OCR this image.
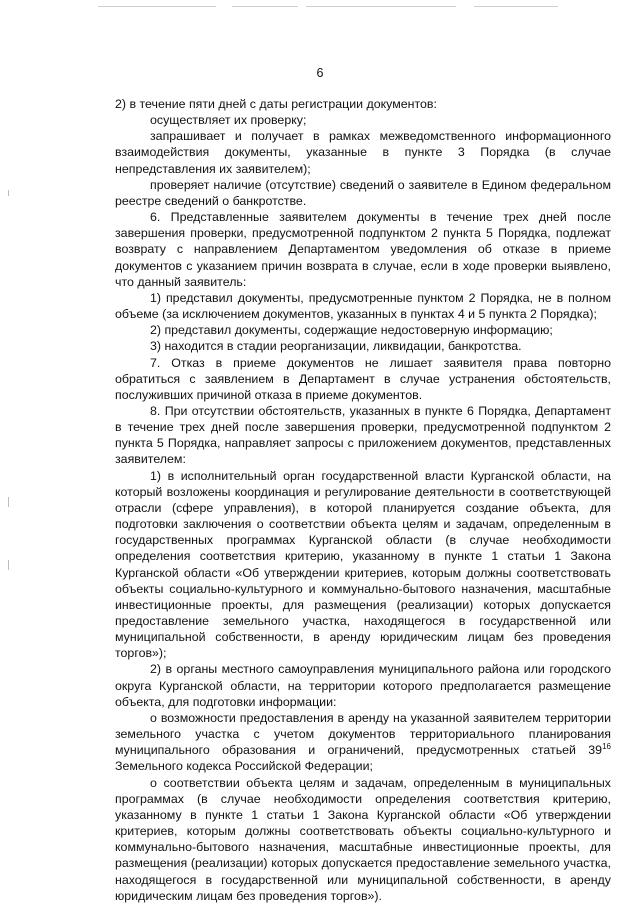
6

2) в течение пяти дней с даты регистрации документов:

осуществляет их проверку;

запрашивает и получает в рамках межведомственного информационного взаимодействия документы, указанные в пункте 3 Порядка (в случае непредставления их заявителем);

проверяет наличие (отсутствие) сведений о заявителе в Едином федеральном реестре сведений о банкротстве.

6. Представленные заявителем документы в течение трех дней после завершения проверки, предусмотренной подпунктом 2 пункта 5 Порядка, подлежат возврату с направлением Департаментом уведомления об отказе в приеме документов с указанием причин возврата в случае, если в ходе проверки выявлено, что данный заявитель:

1) представил документы, предусмотренные пунктом 2 Порядка, не в полном объеме (за исключением документов, указанных в пунктах 4 и 5 пункта 2 Порядка);

2) представил документы, содержащие недостоверную информацию;

3) находится в стадии реорганизации, ликвидации, банкротства.

7. Отказ в приеме документов не лишает заявителя права повторно обратиться с заявлением в Департамент в случае устранения обстоятельств, послуживших причиной отказа в приеме документов.

8. При отсутствии обстоятельств, указанных в пункте 6 Порядка, Департамент в течение трех дней после завершения проверки, предусмотренной подпунктом 2 пункта 5 Порядка, направляет запросы с приложением документов, представленных заявителем:

1) в исполнительный орган государственной власти Курганской области, на который возложены координация и регулирование деятельности в соответствующей отрасли (сфере управления), в которой планируется создание объекта, для подготовки заключения о соответствии объекта целям и задачам, определенным в государственных программах Курганской области (в случае необходимости определения соответствия критерию, указанному в пункте 1 статьи 1 Закона Курганской области «Об утверждении критериев, которым должны соответствовать объекты социально-культурного и коммунально-бытового назначения, масштабные инвестиционные проекты, для размещения (реализации) которых допускается предоставление земельного участка, находящегося в государственной или муниципальной собственности, в аренду юридическим лицам без проведения торгов»);

2) в органы местного самоуправления муниципального района или городского округа Курганской области, на территории которого предполагается размещение объекта, для подготовки информации:

о возможности предоставления в аренду на указанной заявителем территории земельного участка с учетом документов территориального планирования муниципального образования и ограничений, предусмотренных статьей $39^{16}$ Земельного кодекса Российской Федерации;

о соответствии объекта целям и задачам, определенным в муниципальных программах (в случае необходимости определения соответствия критерию, указанному в пункте 1 статьи 1 Закона Курганской области «Об утверждении критериев, которым должны соответствовать объекты социально-культурного и коммунально-бытового назначения, масштабные инвестиционные проекты, для размещения (реализации) которых допускается предоставление земельного участка, находящегося в государственной или муниципальной собственности, в аренду юридическим лицам без проведения торгов»).
